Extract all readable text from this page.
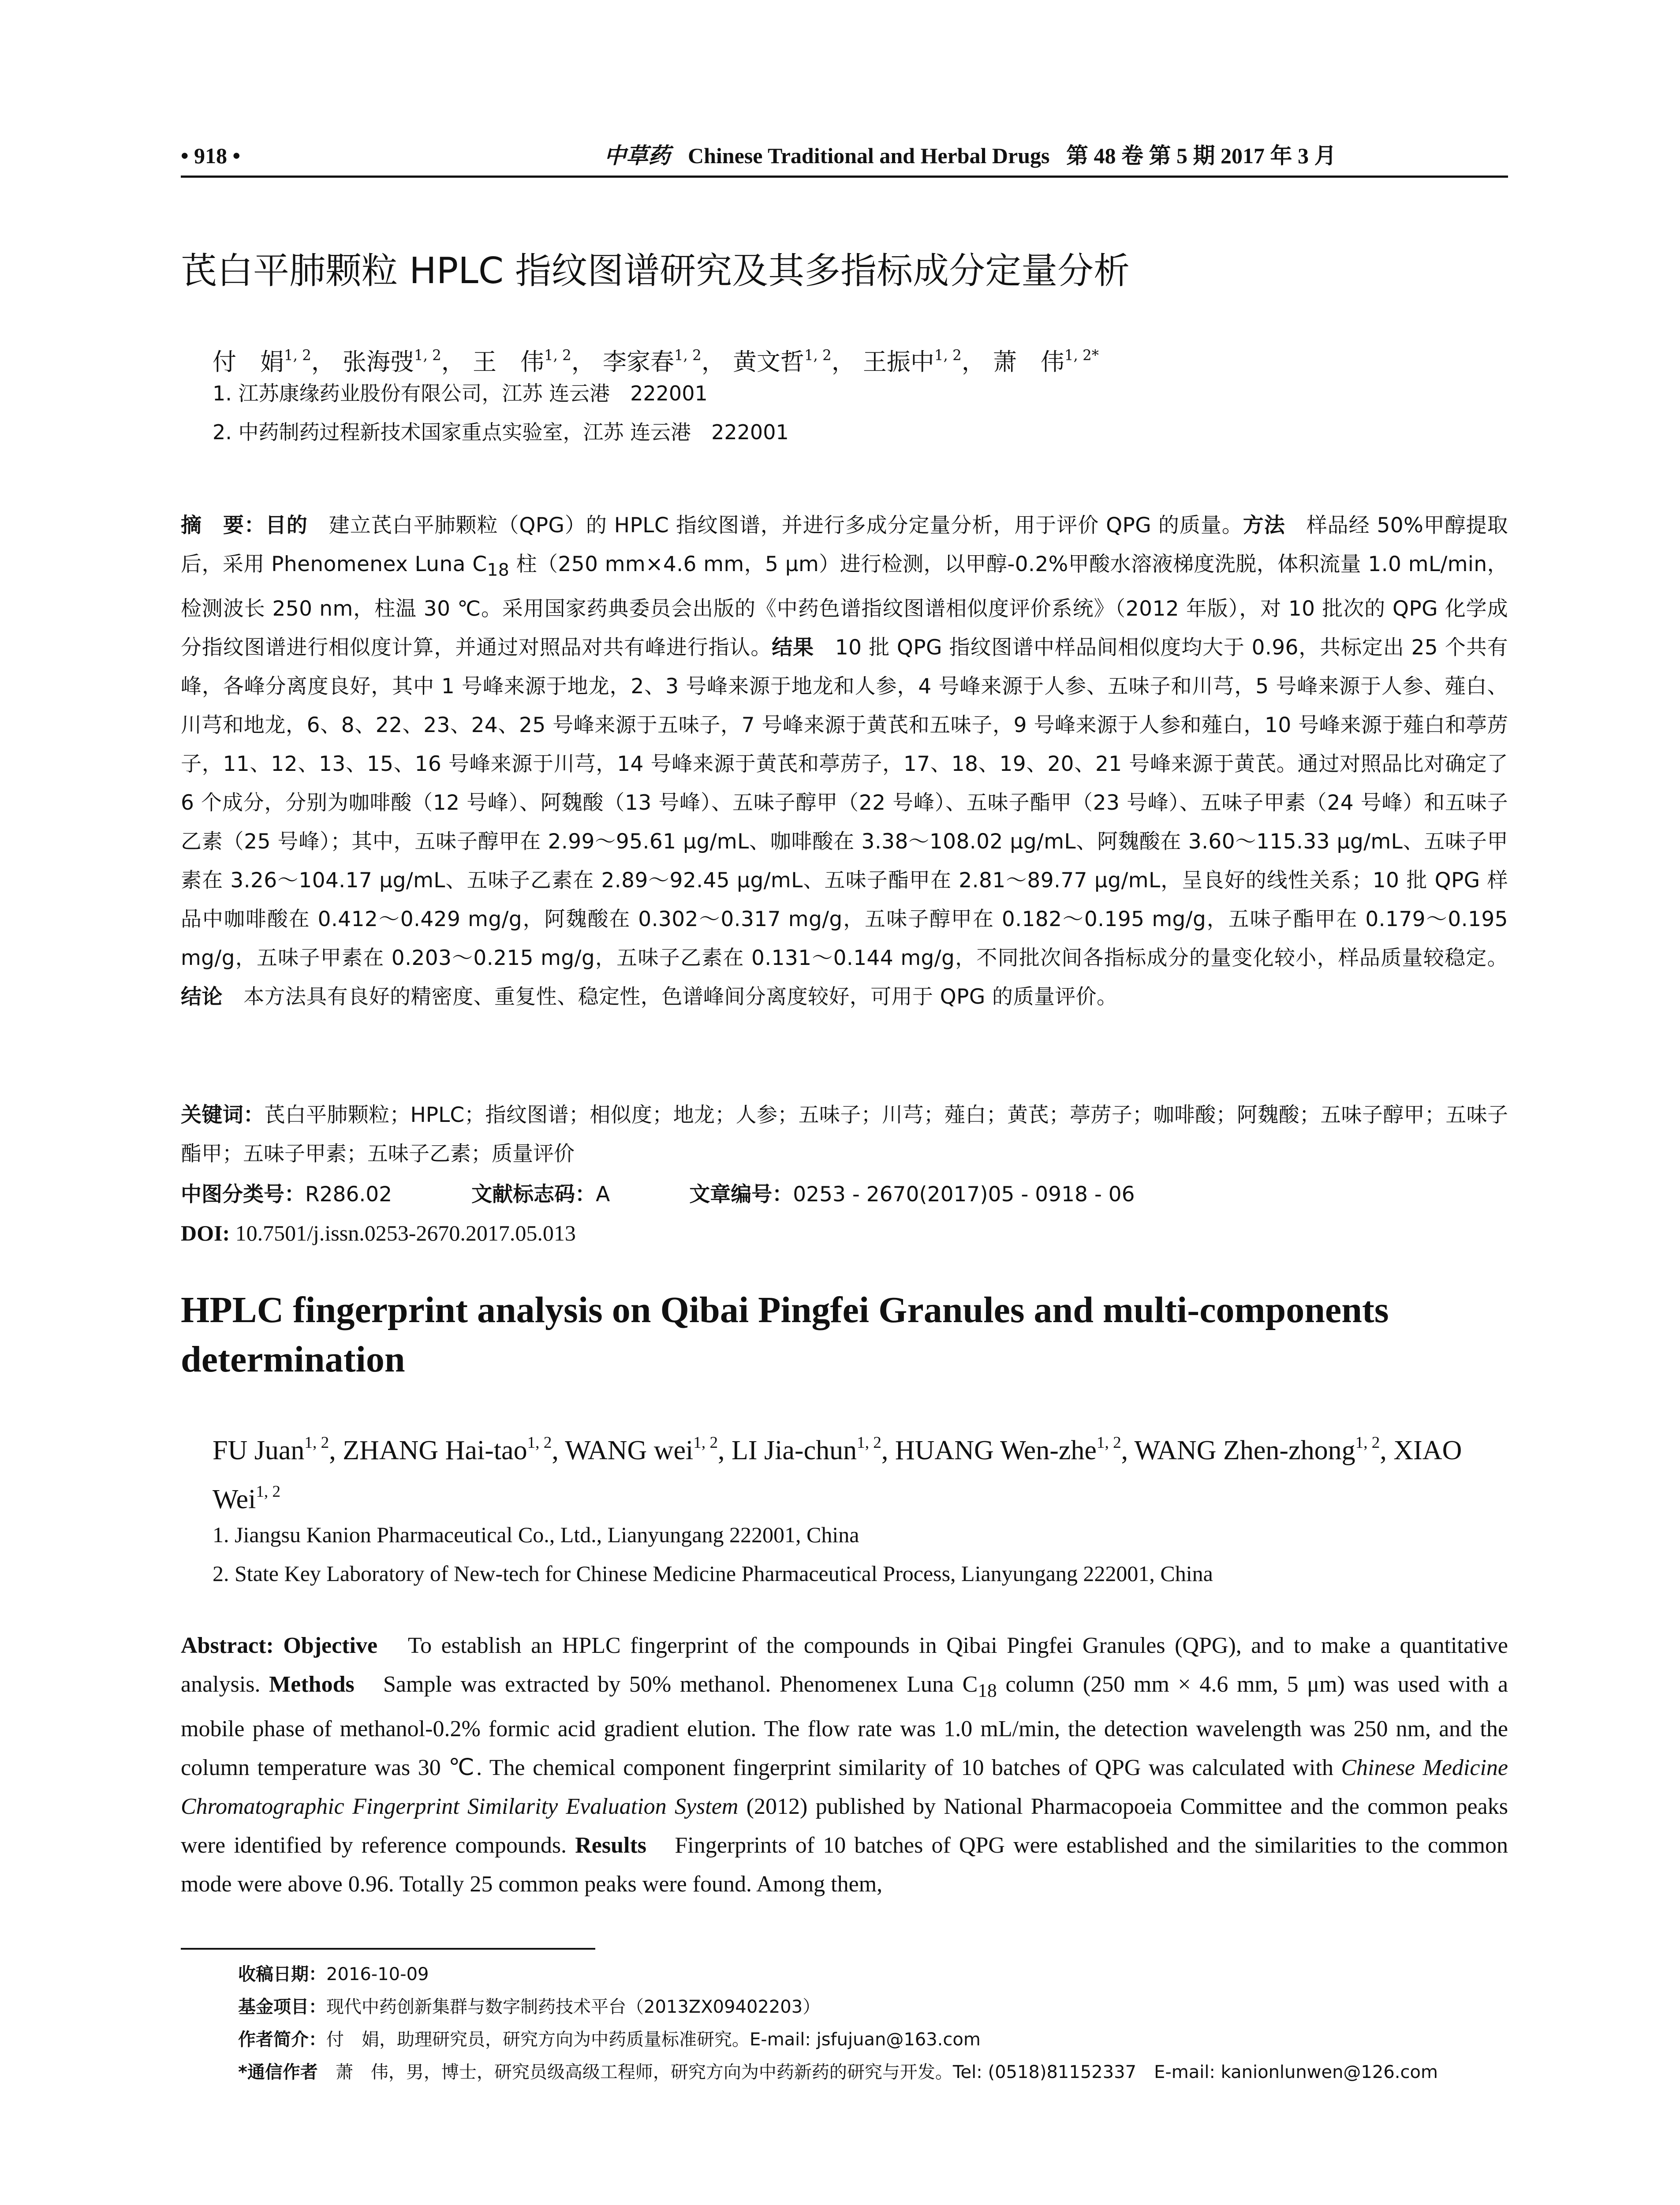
• 918 •	中草药 Chinese Traditional and Herbal Drugs 第 48 卷 第 5 期 2017 年 3 月
芪白平肺颗粒 HPLC 指纹图谱研究及其多指标成分定量分析
付　娟$^{1, 2}$， 张海弢$^{1, 2}$， 王　伟$^{1, 2}$， 李家春$^{1, 2}$， 黄文哲$^{1, 2}$， 王振中$^{1, 2}$， 萧　伟$^{1, 2*}$
1. 江苏康缘药业股份有限公司，江苏 连云港　222001
2. 中药制药过程新技术国家重点实验室，江苏 连云港　222001
摘　要：目的　建立芪白平肺颗粒（QPG）的 HPLC 指纹图谱，并进行多成分定量分析，用于评价 QPG 的质量。方法　样品经 50%甲醇提取后，采用 Phenomenex Luna $C_{18}$ 柱（250 mm×4.6 mm，5 μm）进行检测，以甲醇-0.2%甲酸水溶液梯度洗脱，体积流量 1.0 mL/min，检测波长 250 nm，柱温 30 ℃。采用国家药典委员会出版的《中药色谱指纹图谱相似度评价系统》（2012 年版），对 10 批次的 QPG 化学成分指纹图谱进行相似度计算，并通过对照品对共有峰进行指认。结果　10 批 QPG 指纹图谱中样品间相似度均大于 0.96，共标定出 25 个共有峰，各峰分离度良好，其中 1 号峰来源于地龙，2、3 号峰来源于地龙和人参，4 号峰来源于人参、五味子和川芎，5 号峰来源于人参、薤白、川芎和地龙，6、8、22、23、24、25 号峰来源于五味子，7 号峰来源于黄芪和五味子，9 号峰来源于人参和薤白，10 号峰来源于薤白和葶苈子，11、12、13、15、16 号峰来源于川芎，14 号峰来源于黄芪和葶苈子，17、18、19、20、21 号峰来源于黄芪。通过对照品比对确定了 6 个成分，分别为咖啡酸（12 号峰）、阿魏酸（13 号峰）、五味子醇甲（22 号峰）、五味子酯甲（23 号峰）、五味子甲素（24 号峰）和五味子乙素（25 号峰）；其中，五味子醇甲在 2.99～95.61 μg/mL、咖啡酸在 3.38～108.02 μg/mL、阿魏酸在 3.60～115.33 μg/mL、五味子甲素在 3.26～104.17 μg/mL、五味子乙素在 2.89～92.45 μg/mL、五味子酯甲在 2.81～89.77 μg/mL，呈良好的线性关系；10 批 QPG 样品中咖啡酸在 0.412～0.429 mg/g，阿魏酸在 0.302～0.317 mg/g，五味子醇甲在 0.182～0.195 mg/g，五味子酯甲在 0.179～0.195 mg/g，五味子甲素在 0.203～0.215 mg/g，五味子乙素在 0.131～0.144 mg/g，不同批次间各指标成分的量变化较小，样品质量较稳定。结论　本方法具有良好的精密度、重复性、稳定性，色谱峰间分离度较好，可用于 QPG 的质量评价。
关键词：芪白平肺颗粒；HPLC；指纹图谱；相似度；地龙；人参；五味子；川芎；薤白；黄芪；葶苈子；咖啡酸；阿魏酸；五味子醇甲；五味子酯甲；五味子甲素；五味子乙素；质量评价
中图分类号：R286.02	文献标志码：A	文章编号：0253 - 2670(2017)05 - 0918 - 06
DOI: 10.7501/j.issn.0253-2670.2017.05.013
HPLC fingerprint analysis on Qibai Pingfei Granules and multi-components determination
FU Juan$^{1, 2}$, ZHANG Hai-tao$^{1, 2}$, WANG wei$^{1, 2}$, LI Jia-chun$^{1, 2}$, HUANG Wen-zhe$^{1, 2}$, WANG Zhen-zhong$^{1, 2}$, XIAO Wei$^{1, 2}$
1. Jiangsu Kanion Pharmaceutical Co., Ltd., Lianyungang 222001, China
2. State Key Laboratory of New-tech for Chinese Medicine Pharmaceutical Process, Lianyungang 222001, China
Abstract: Objective　To establish an HPLC fingerprint of the compounds in Qibai Pingfei Granules (QPG), and to make a quantitative analysis. Methods　Sample was extracted by 50% methanol. Phenomenex Luna $C_{18}$ column (250 mm × 4.6 mm, 5 μm) was used with a mobile phase of methanol-0.2% formic acid gradient elution. The flow rate was 1.0 mL/min, the detection wavelength was 250 nm, and the column temperature was 30 ℃. The chemical component fingerprint similarity of 10 batches of QPG was calculated with Chinese Medicine Chromatographic Fingerprint Similarity Evaluation System (2012) published by National Pharmacopoeia Committee and the common peaks were identified by reference compounds. Results　Fingerprints of 10 batches of QPG were established and the similarities to the common mode were above 0.96. Totally 25 common peaks were found. Among them,
收稿日期：2016-10-09
基金项目：现代中药创新集群与数字制药技术平台（2013ZX09402203）
作者简介：付　娟，助理研究员，研究方向为中药质量标准研究。E-mail: jsfujuan@163.com
*通信作者　萧　伟，男，博士，研究员级高级工程师，研究方向为中药新药的研究与开发。Tel: (0518)81152337　E-mail: kanionlunwen@126.com
